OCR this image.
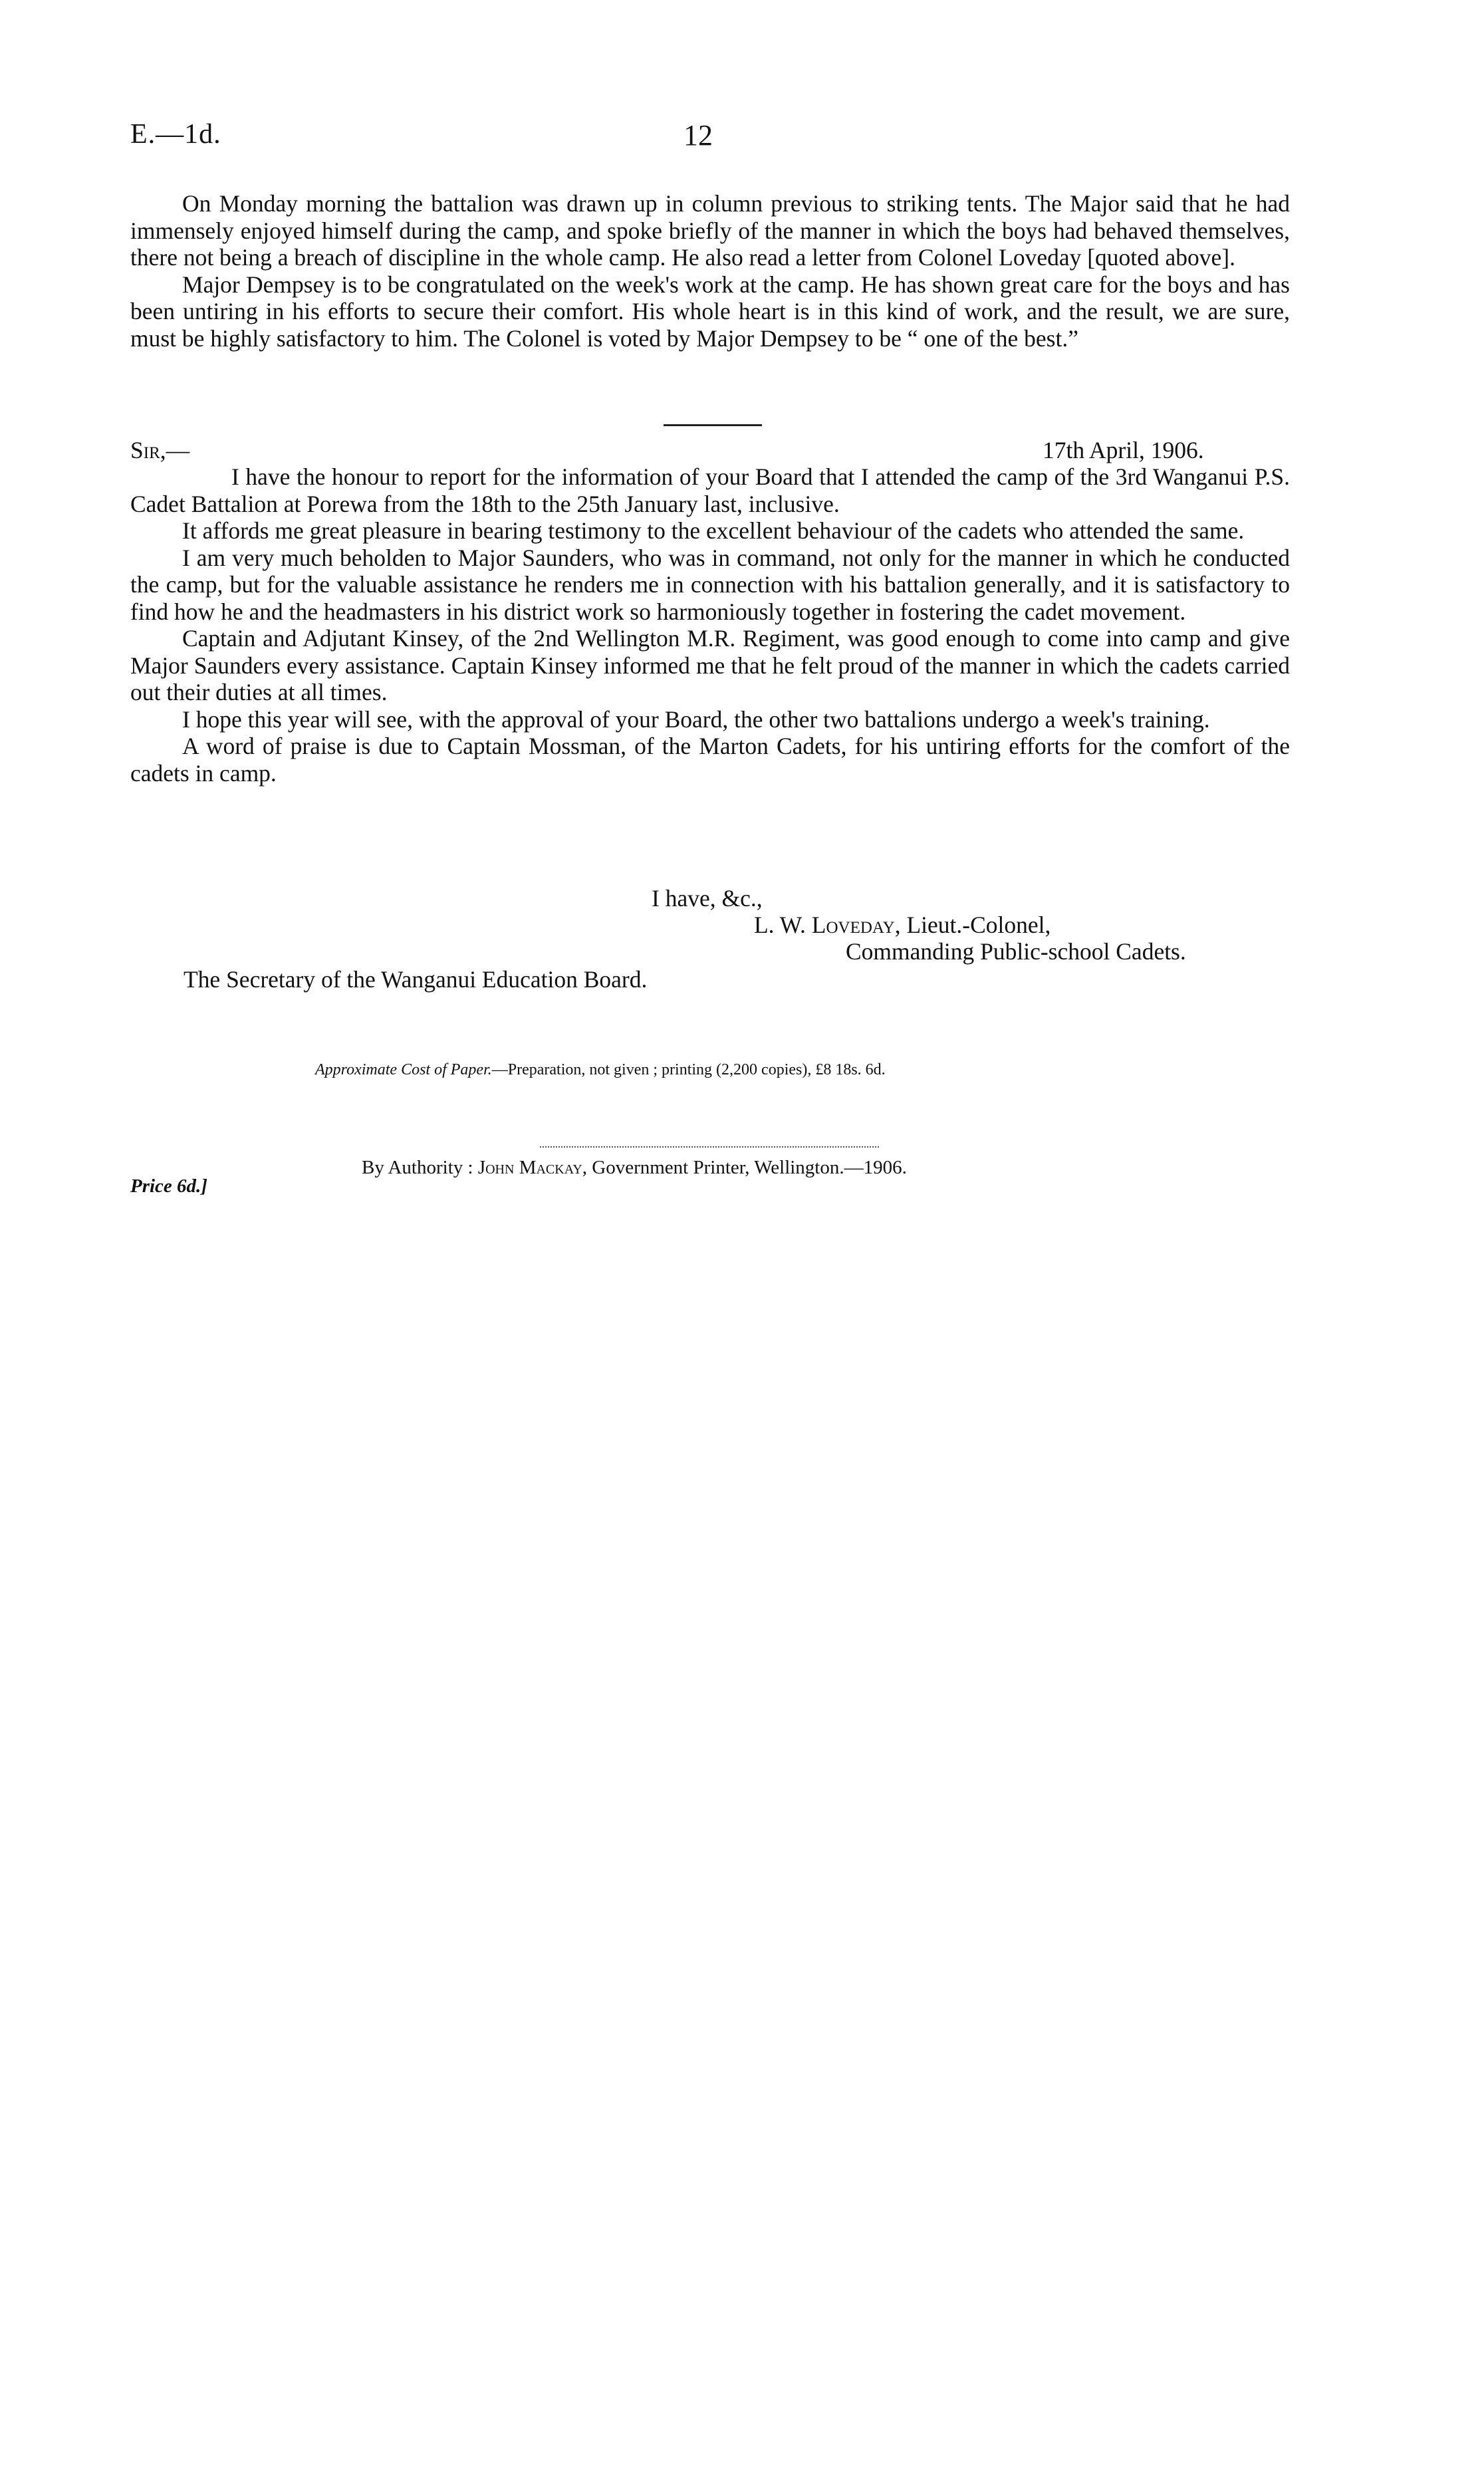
E.—1d.	12

On Monday morning the battalion was drawn up in column previous to striking tents. The Major said that he had immensely enjoyed himself during the camp, and spoke briefly of the manner in which the boys had behaved themselves, there not being a breach of discipline in the whole camp. He also read a letter from Colonel Loveday [quoted above].

Major Dempsey is to be congratulated on the week's work at the camp. He has shown great care for the boys and has been untiring in his efforts to secure their comfort. His whole heart is in this kind of work, and the result, we are sure, must be highly satisfactory to him. The Colonel is voted by Major Dempsey to be “ one of the best.”

Sir,—	17th April, 1906.

I have the honour to report for the information of your Board that I attended the camp of the 3rd Wanganui P.S. Cadet Battalion at Porewa from the 18th to the 25th January last, inclusive.

It affords me great pleasure in bearing testimony to the excellent behaviour of the cadets who attended the same.

I am very much beholden to Major Saunders, who was in command, not only for the manner in which he conducted the camp, but for the valuable assistance he renders me in connection with his battalion generally, and it is satisfactory to find how he and the headmasters in his district work so harmoniously together in fostering the cadet movement.

Captain and Adjutant Kinsey, of the 2nd Wellington M.R. Regiment, was good enough to come into camp and give Major Saunders every assistance. Captain Kinsey informed me that he felt proud of the manner in which the cadets carried out their duties at all times.

I hope this year will see, with the approval of your Board, the other two battalions undergo a week's training.

A word of praise is due to Captain Mossman, of the Marton Cadets, for his untiring efforts for the comfort of the cadets in camp.

I have, &c.,
L. W. Loveday, Lieut.-Colonel,
Commanding Public-school Cadets.
The Secretary of the Wanganui Education Board.
Approximate Cost of Paper.—Preparation, not given ; printing (2,200 copies), £8 18s. 6d.
Price 6d.]
By Authority : John Mackay, Government Printer, Wellington.—1906.
